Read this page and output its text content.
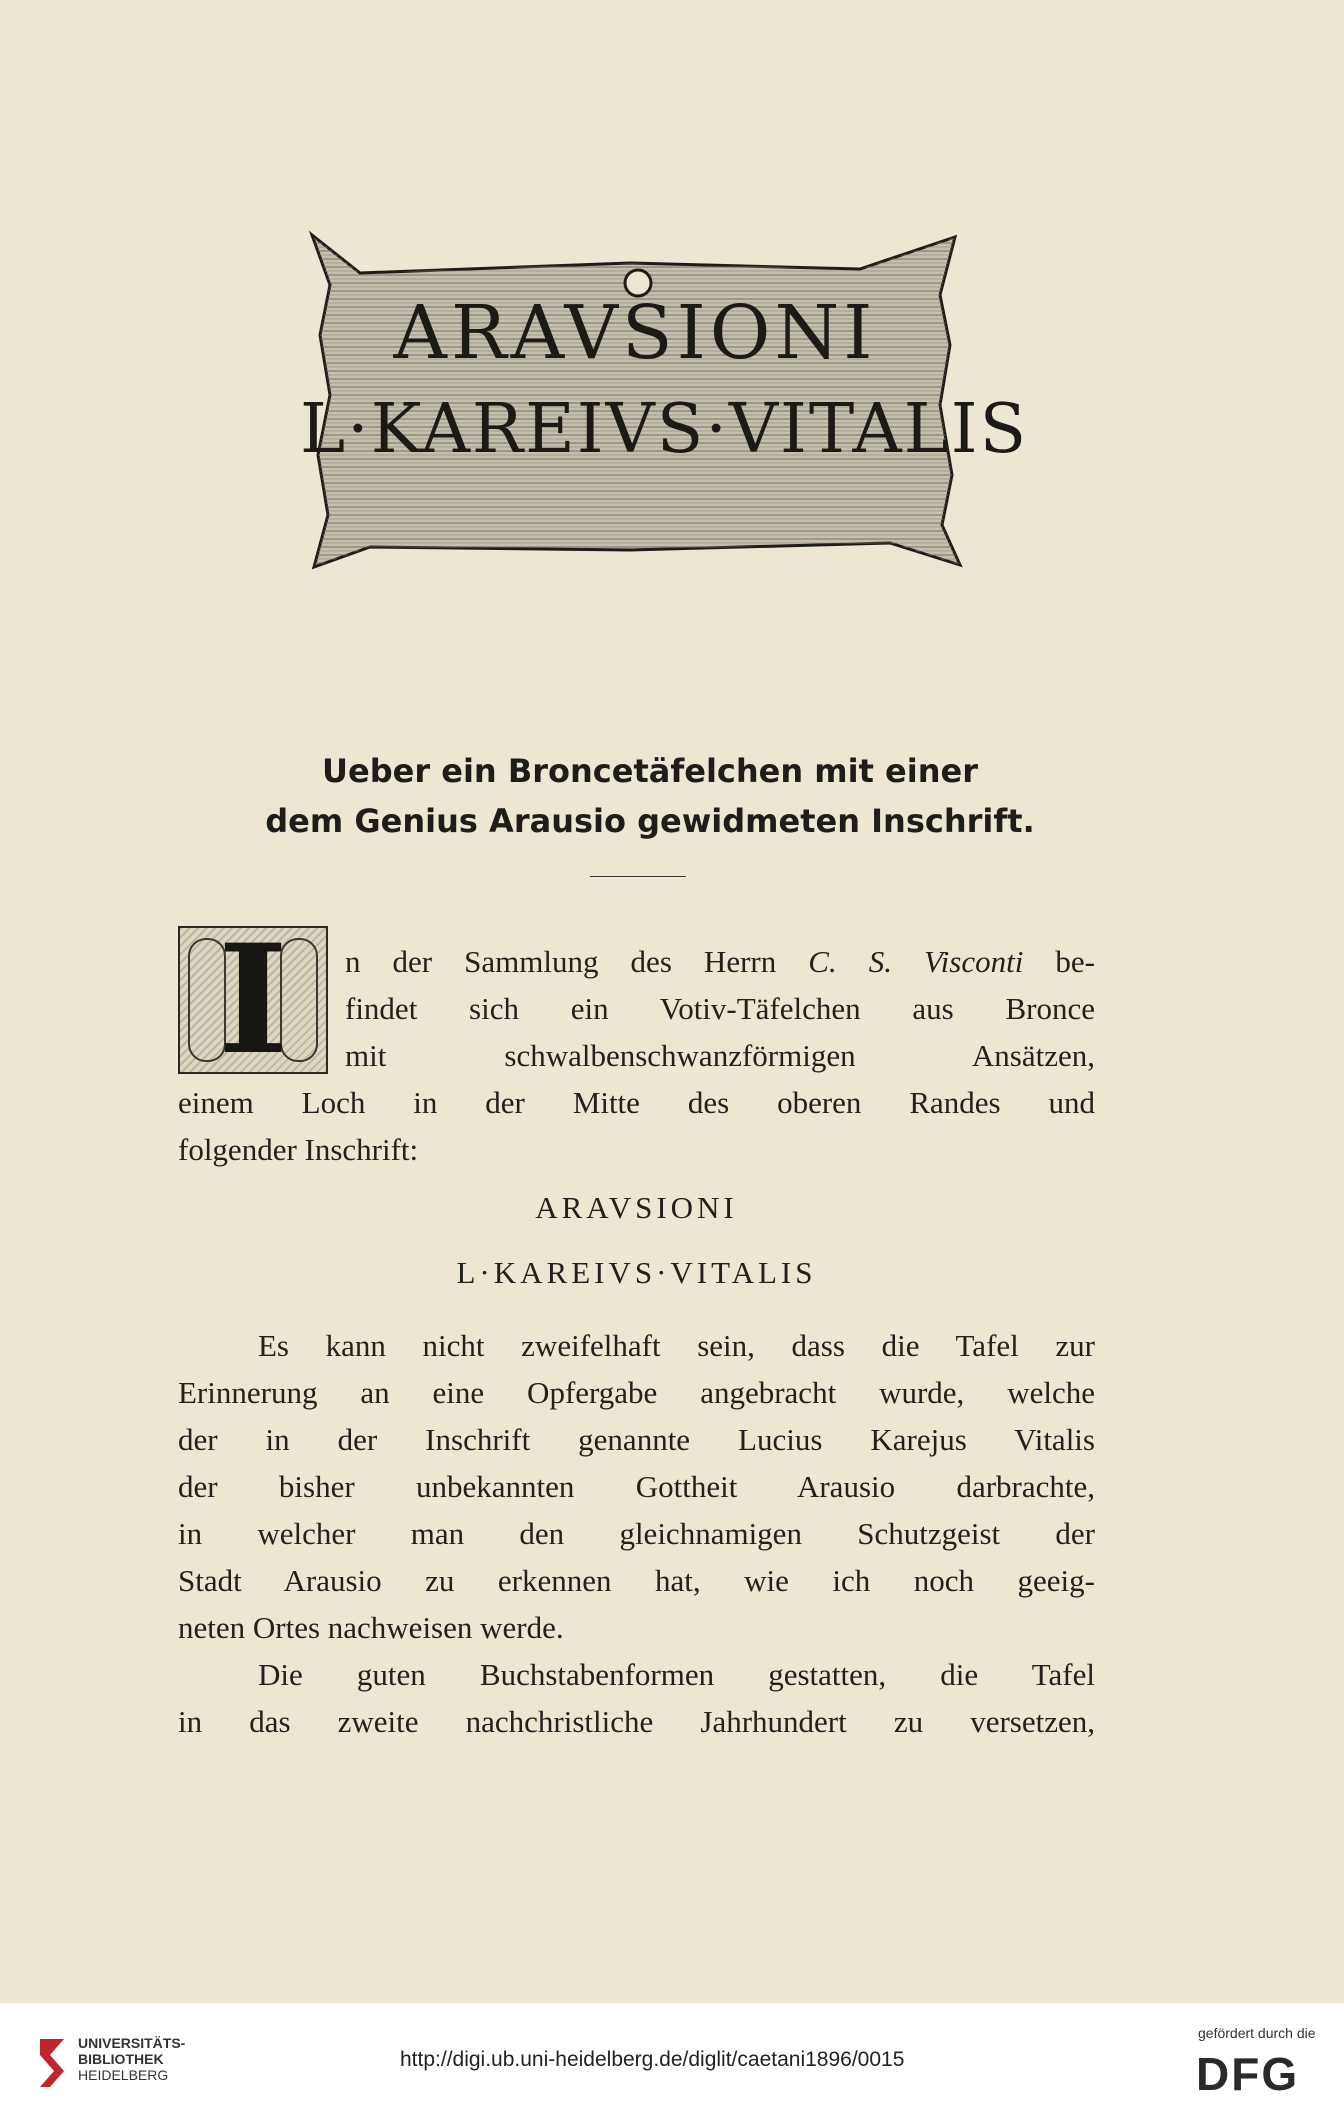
ARAVSIONI
L·KAREIVS·VITALIS
Ueber ein Broncetäfelchen mit einer
dem Genius Arausio gewidmeten Inschrift.
I	n der Sammlung des Herrn C. S. Visconti be-
findet sich ein Votiv-Täfelchen aus Bronce
mit schwalbenschwanzförmigen Ansätzen,
einem Loch in der Mitte des oberen Randes und
folgender Inschrift:
ARAVSIONI
L·KAREIVS·VITALIS
Es kann nicht zweifelhaft sein, dass die Tafel zur
Erinnerung an eine Opfergabe angebracht wurde, welche
der in der Inschrift genannte Lucius Karejus Vitalis
der bisher unbekannten Gottheit Arausio darbrachte,
in welcher man den gleichnamigen Schutzgeist der
Stadt Arausio zu erkennen hat, wie ich noch geeig-
neten Ortes nachweisen werde.
Die guten Buchstabenformen gestatten, die Tafel
in das zweite nachchristliche Jahrhundert zu versetzen,
UNIVERSITÄTS-
BIBLIOTHEK
HEIDELBERG
http://digi.ub.uni-heidelberg.de/diglit/caetani1896/0015
gefördert durch die
DFG
